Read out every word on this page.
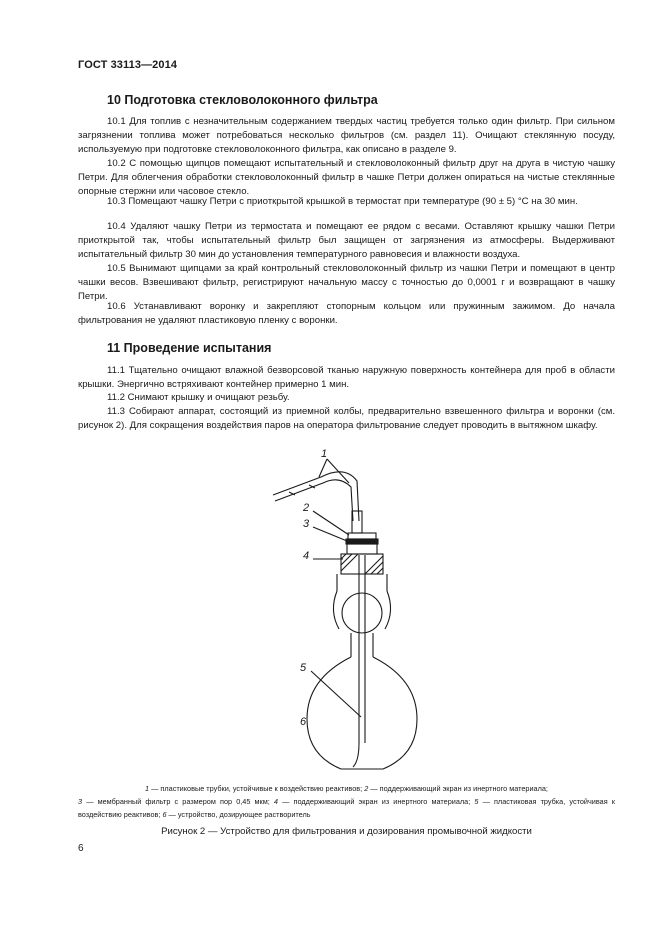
ГОСТ 33113—2014
10 Подготовка стекловолоконного фильтра
10.1 Для топлив с незначительным содержанием твердых частиц требуется только один фильтр. При сильном загрязнении топлива может потребоваться несколько фильтров (см. раздел 11). Очищают стеклянную посуду, используемую при подготовке стекловолоконного фильтра, как описано в разделе 9.
10.2 С помощью щипцов помещают испытательный и стекловолоконный фильтр друг на друга в чистую чашку Петри. Для облегчения обработки стекловолоконный фильтр в чашке Петри должен опираться на чистые стеклянные опорные стержни или часовое стекло.
10.3 Помещают чашку Петри с приоткрытой крышкой в термостат при температуре (90 ± 5) °С на 30 мин.
10.4 Удаляют чашку Петри из термостата и помещают ее рядом с весами. Оставляют крышку чашки Петри приоткрытой так, чтобы испытательный фильтр был защищен от загрязнения из атмосферы. Выдерживают испытательный фильтр 30 мин до установления температурного равновесия и влажности воздуха.
10.5 Вынимают щипцами за край контрольный стекловолоконный фильтр из чашки Петри и помещают в центр чашки весов. Взвешивают фильтр, регистрируют начальную массу с точностью до 0,0001 г и возвращают в чашку Петри.
10.6 Устанавливают воронку и закрепляют стопорным кольцом или пружинным зажимом. До начала фильтрования не удаляют пластиковую пленку с воронки.
11 Проведение испытания
11.1 Тщательно очищают влажной безворсовой тканью наружную поверхность контейнера для проб в области крышки. Энергично встряхивают контейнер примерно 1 мин.
11.2 Снимают крышку и очищают резьбу.
11.3 Собирают аппарат, состоящий из приемной колбы, предварительно взвешенного фильтра и воронки (см. рисунок 2). Для сокращения воздействия паров на оператора фильтрование следует проводить в вытяжном шкафу.
1
2
3
4
5
6
1 — пластиковые трубки, устойчивые к воздействию реактивов; 2 — поддерживающий экран из инертного материала;
3 — мембранный фильтр с размером пор 0,45 мкм; 4 — поддерживающий экран из инертного материала; 5 — пластиковая трубка, устойчивая к воздействию реактивов; 6 — устройство, дозирующее растворитель
Рисунок 2 — Устройство для фильтрования и дозирования промывочной жидкости
6
